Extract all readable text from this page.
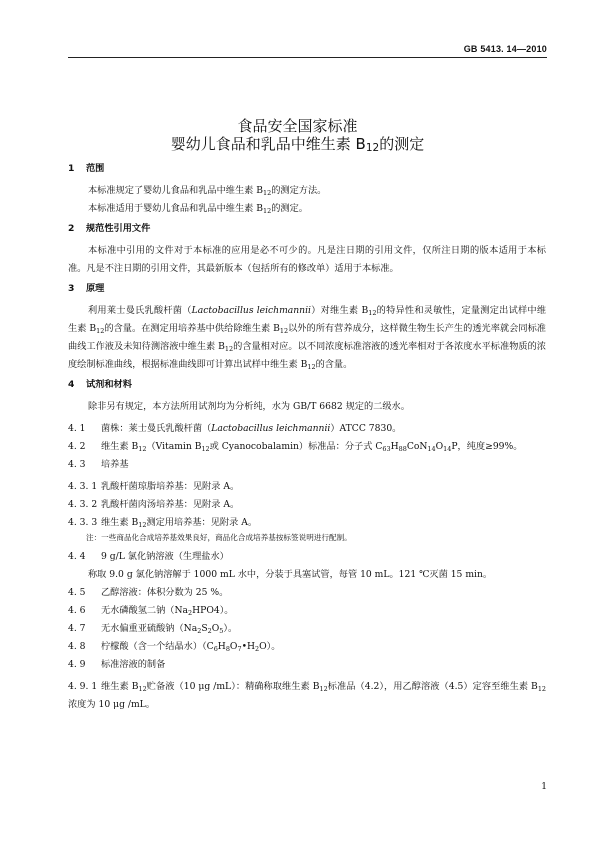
GB 5413. 14—2010
食品安全国家标准
婴幼儿食品和乳品中维生素 $B_{12}$的测定

1 范围

本标准规定了婴幼儿食品和乳品中维生素 $B_{12}$的测定方法。

本标准适用于婴幼儿食品和乳品中维生素 $B_{12}$的测定。

2 规范性引用文件

本标准中引用的文件对于本标准的应用是必不可少的。凡是注日期的引用文件，仅所注日期的版本适用于本标准。凡是不注日期的引用文件，其最新版本（包括所有的修改单）适用于本标准。

3 原理

利用莱士曼氏乳酸杆菌（Lactobacillus leichmannii）对维生素 $B_{12}$的特异性和灵敏性，定量测定出试样中维生素 $B_{12}$的含量。在测定用培养基中供给除维生素 $B_{12}$以外的所有营养成分，这样微生物生长产生的透光率就会同标准曲线工作液及未知待测溶液中维生素 $B_{12}$的含量相对应。以不同浓度标准溶液的透光率相对于各浓度水平标准物质的浓度绘制标准曲线，根据标准曲线即可计算出试样中维生素 $B_{12}$的含量。

4 试剂和材料

除非另有规定，本方法所用试剂均为分析纯，水为 GB/T 6682 规定的二级水。

4. 1 菌株：莱士曼氏乳酸杆菌（Lactobacillus leichmannii）ATCC 7830。

4. 2 维生素 $B_{12}(Vitamin$ $B_{12}$或 Cyanocobalamin）标准品：分子式 $C_{63}H_{88}CoN_{14}O_{14}P$，纯度≥99%。

4. 3 培养基

4. 3. 1 乳酸杆菌琼脂培养基：见附录 A。

4. 3. 2 乳酸杆菌肉汤培养基：见附录 A。

4. 3. 3 维生素 $B_{12}$测定用培养基：见附录 A。

注：一些商品化合成培养基效果良好，商品化合成培养基按标签说明进行配制。

4. 4 9 g/L 氯化钠溶液（生理盐水）

称取 9.0 g 氯化钠溶解于 1000 mL 水中，分装于具塞试管，每管 10 mL。121 ℃灭菌 15 min。

4. 5 乙醇溶液：体积分数为 25 %。

4. 6 无水磷酸氢二钠$(Na_2HPO4)$。

4. 7 无水偏重亚硫酸钠$(Na_2S_2O_5)$。

4. 8 柠檬酸（含一个结晶水）$(C_6H_8O_7•H_2O)$。

4. 9 标准溶液的制备

4. 9. 1 维生素 $B_{12}$贮备液（10 μg /mL）：精确称取维生素 $B_{12}$标准品（4.2），用乙醇溶液（4.5）定容至维生素 $B_{12}$浓度为 10 μg /mL。

1
